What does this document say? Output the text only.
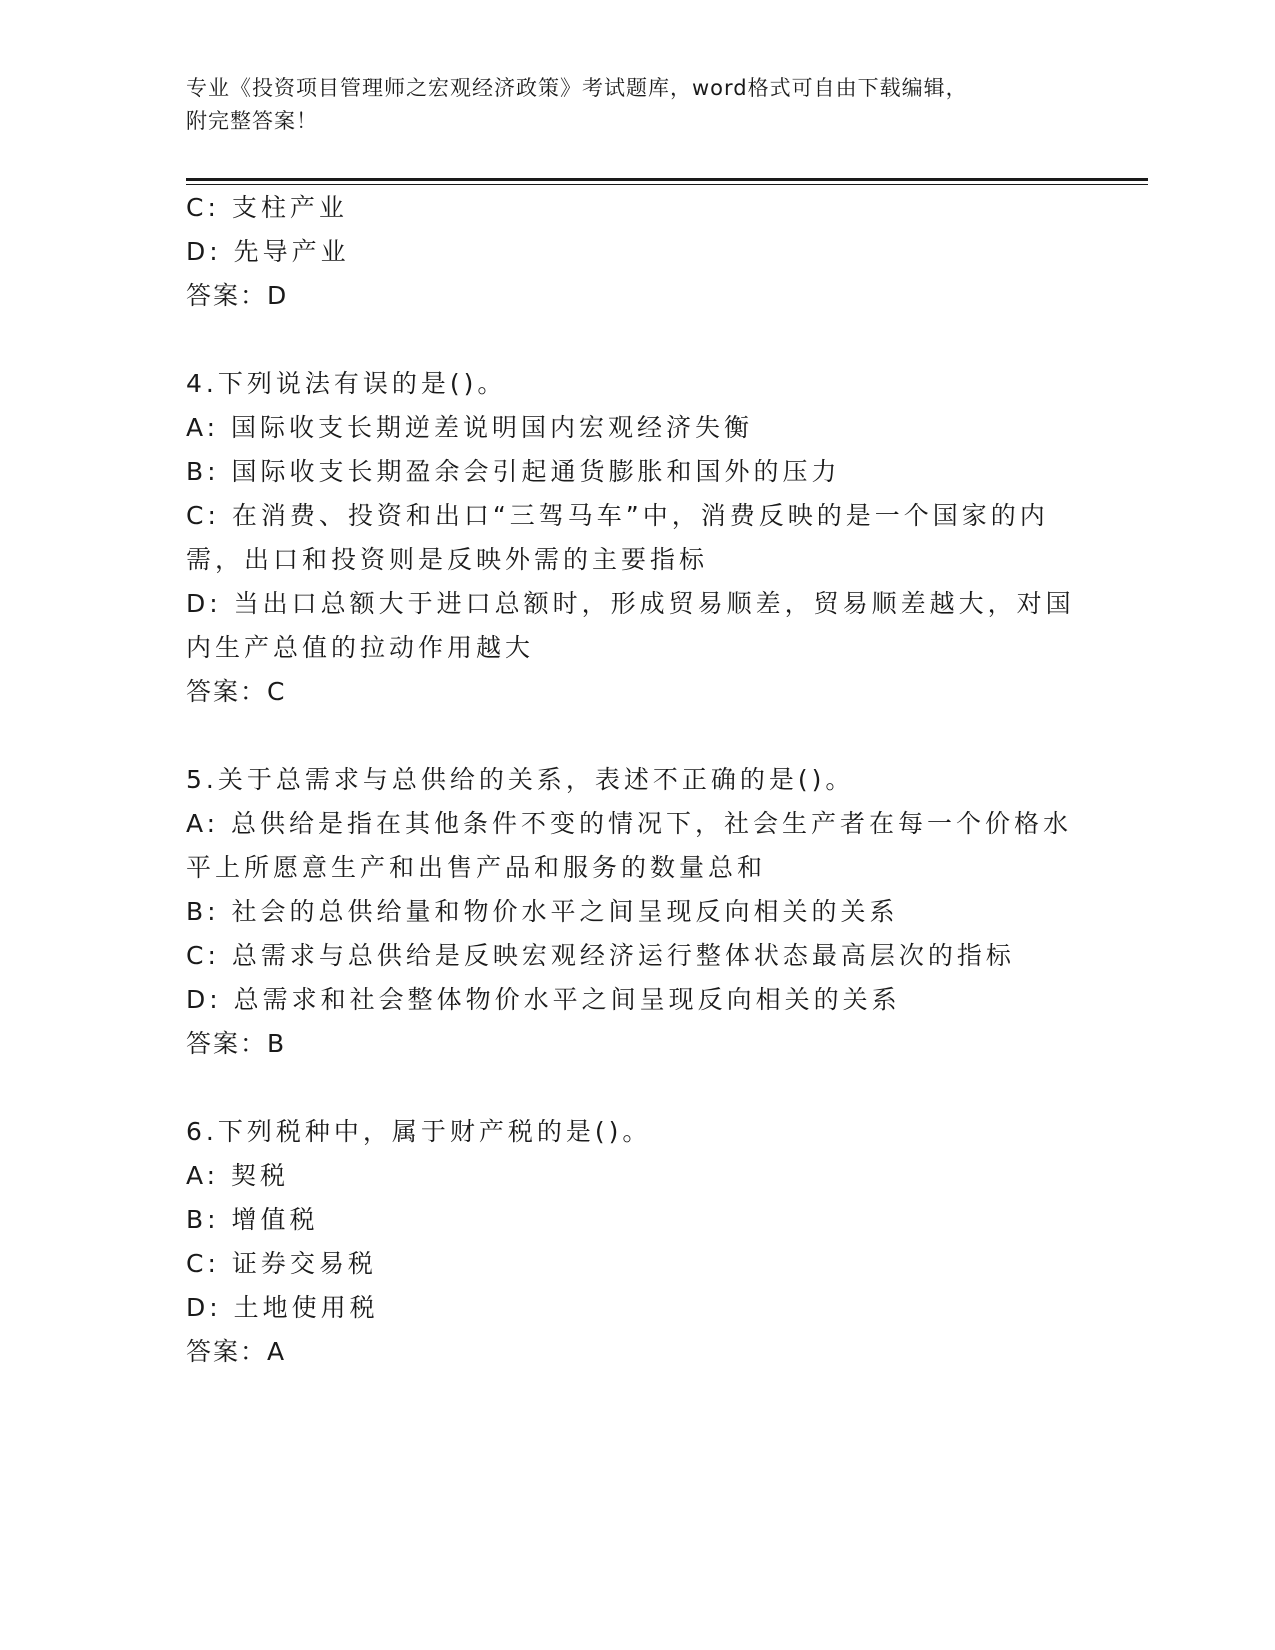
专业《投资项目管理师之宏观经济政策》考试题库，word格式可自由下载编辑，
附完整答案！
C: 支柱产业
D: 先导产业
答案：D
4.下列说法有误的是()。
A: 国际收支长期逆差说明国内宏观经济失衡
B: 国际收支长期盈余会引起通货膨胀和国外的压力
C: 在消费、投资和出口“三驾马车”中，消费反映的是一个国家的内
需，出口和投资则是反映外需的主要指标
D: 当出口总额大于进口总额时，形成贸易顺差，贸易顺差越大，对国
内生产总值的拉动作用越大
答案：C
5.关于总需求与总供给的关系，表述不正确的是()。
A: 总供给是指在其他条件不变的情况下，社会生产者在每一个价格水
平上所愿意生产和出售产品和服务的数量总和
B: 社会的总供给量和物价水平之间呈现反向相关的关系
C: 总需求与总供给是反映宏观经济运行整体状态最高层次的指标
D: 总需求和社会整体物价水平之间呈现反向相关的关系
答案：B
6.下列税种中，属于财产税的是()。
A: 契税
B: 增值税
C: 证券交易税
D: 土地使用税
答案：A
